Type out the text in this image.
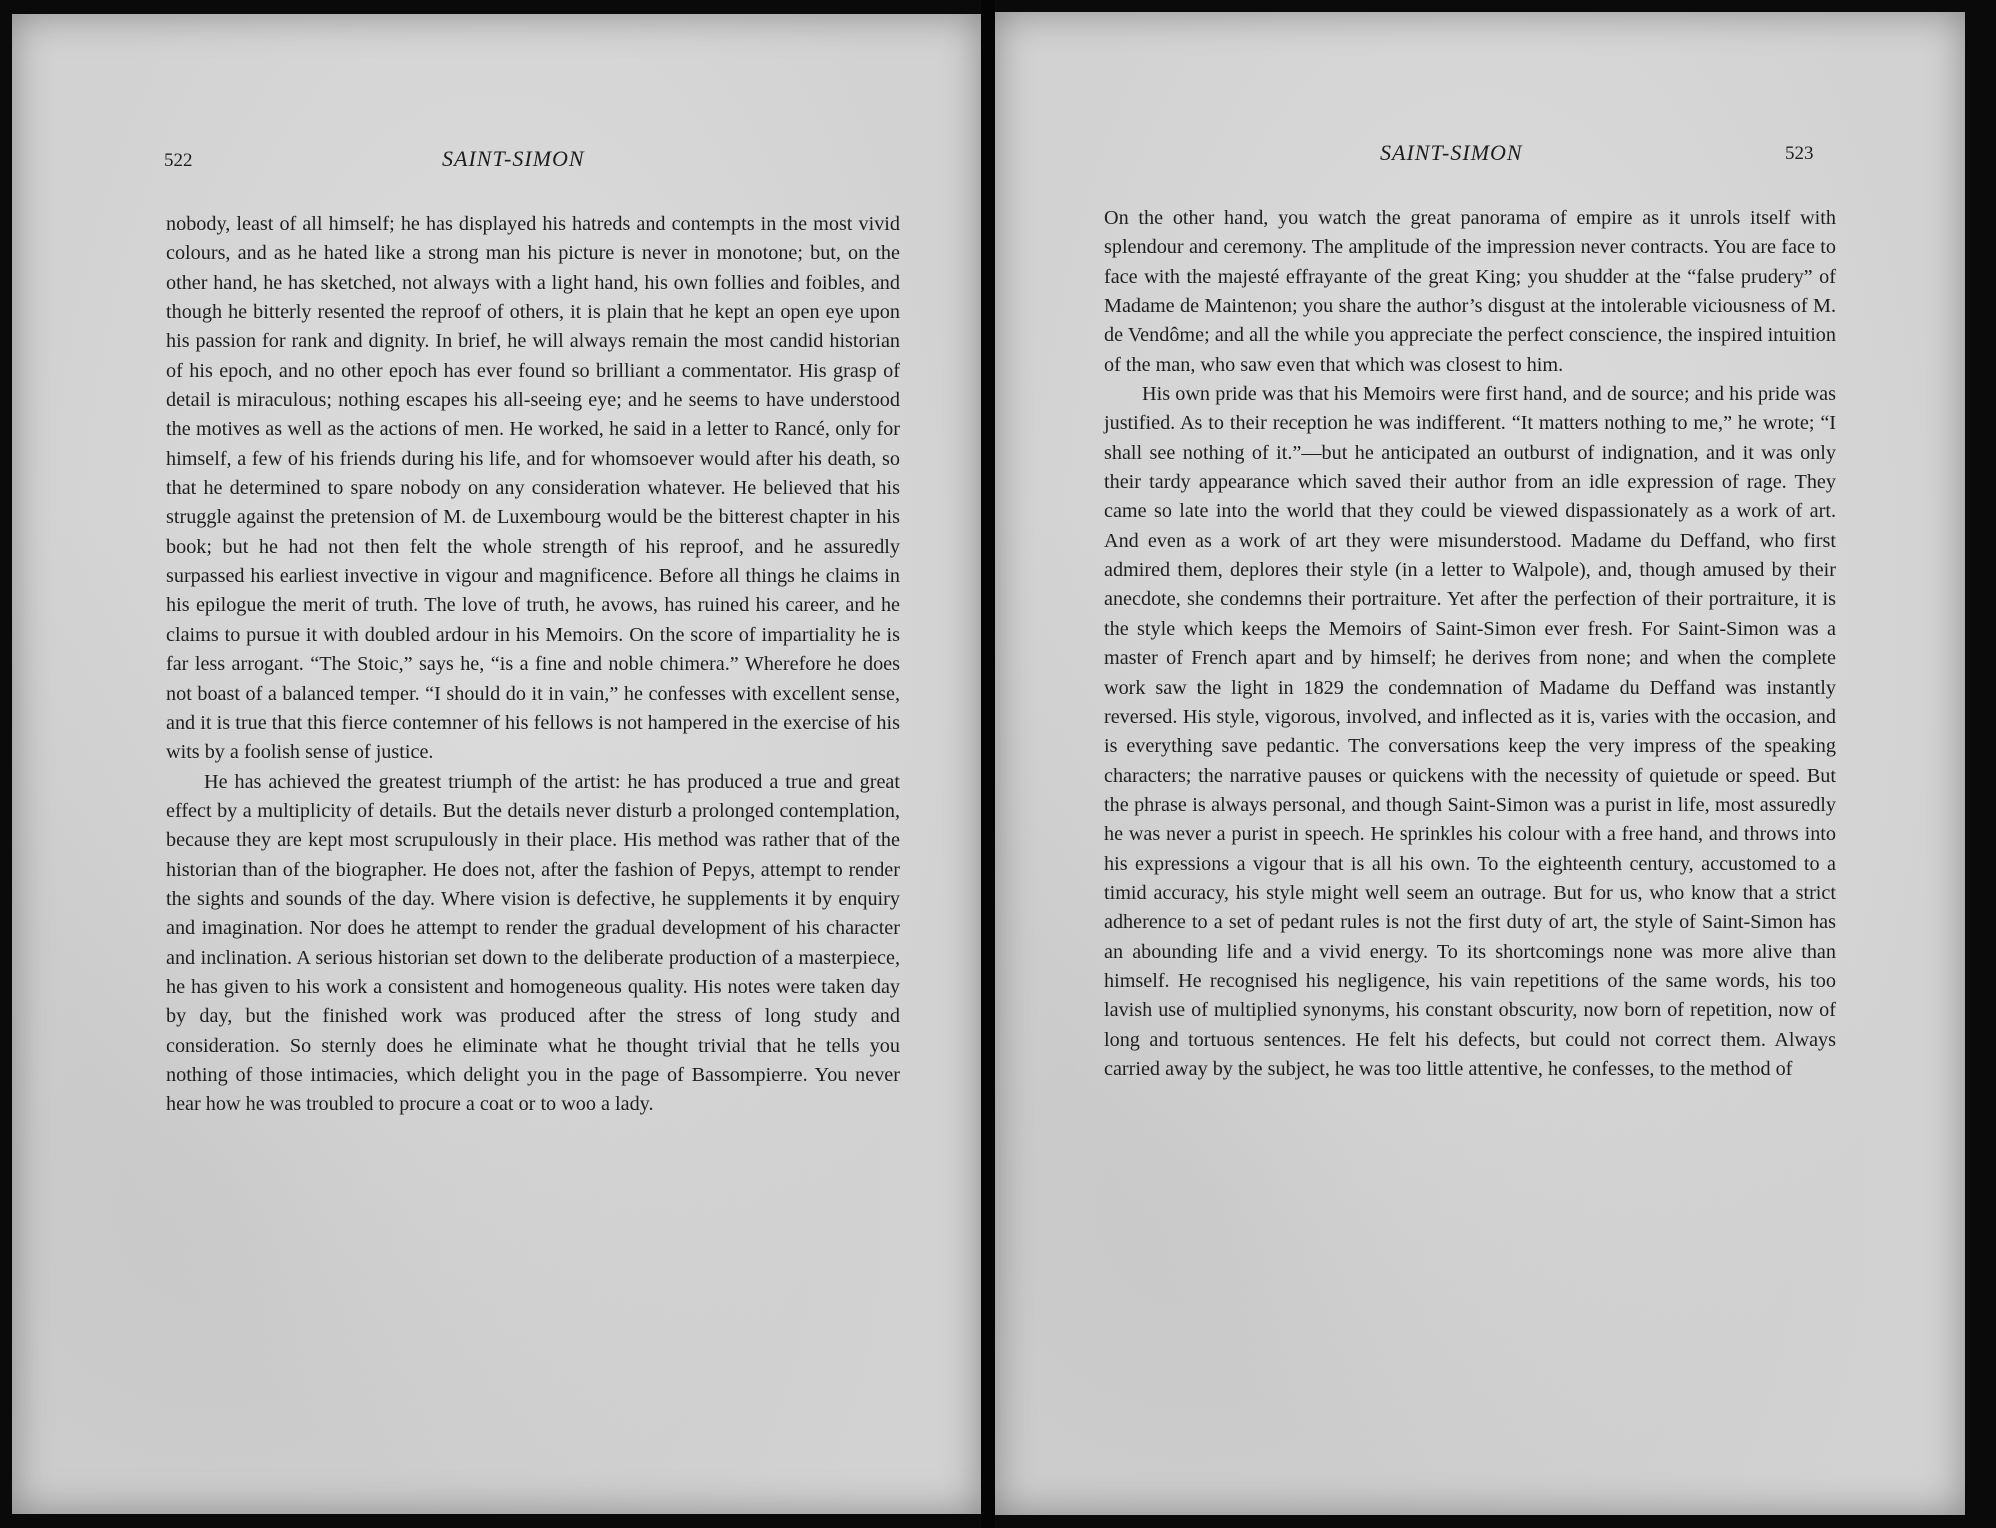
522	SAINT-SIMON

nobody, least of all himself; he has displayed his hatreds and contempts in the most vivid colours, and as he hated like a strong man his picture is never in monotone; but, on the other hand, he has sketched, not always with a light hand, his own follies and foibles, and though he bitterly resented the reproof of others, it is plain that he kept an open eye upon his passion for rank and dignity. In brief, he will always remain the most candid historian of his epoch, and no other epoch has ever found so brilliant a commentator. His grasp of detail is miraculous; nothing escapes his all-seeing eye; and he seems to have understood the motives as well as the actions of men. He worked, he said in a letter to Rancé, only for himself, a few of his friends during his life, and for whomsoever would after his death, so that he determined to spare nobody on any consideration whatever. He believed that his struggle against the pretension of M. de Luxembourg would be the bitterest chapter in his book; but he had not then felt the whole strength of his reproof, and he assuredly surpassed his earliest invective in vigour and magnificence. Before all things he claims in his epilogue the merit of truth. The love of truth, he avows, has ruined his career, and he claims to pursue it with doubled ardour in his Memoirs. On the score of impartiality he is far less arrogant. “The Stoic,” says he, “is a fine and noble chimera.” Wherefore he does not boast of a balanced temper. “I should do it in vain,” he confesses with excellent sense, and it is true that this fierce contemner of his fellows is not hampered in the exercise of his wits by a foolish sense of justice.

He has achieved the greatest triumph of the artist: he has produced a true and great effect by a multiplicity of details. But the details never disturb a prolonged contemplation, because they are kept most scrupulously in their place. His method was rather that of the historian than of the biographer. He does not, after the fashion of Pepys, attempt to render the sights and sounds of the day. Where vision is defective, he supplements it by enquiry and imagination. Nor does he attempt to render the gradual development of his character and inclination. A serious historian set down to the deliberate production of a masterpiece, he has given to his work a consistent and homogeneous quality. His notes were taken day by day, but the finished work was produced after the stress of long study and consideration. So sternly does he eliminate what he thought trivial that he tells you nothing of those intimacies, which delight you in the page of Bassompierre. You never hear how he was troubled to procure a coat or to woo a lady.

SAINT-SIMON	523

On the other hand, you watch the great panorama of empire as it unrols itself with splendour and ceremony. The amplitude of the impression never contracts. You are face to face with the majesté effrayante of the great King; you shudder at the “false prudery” of Madame de Maintenon; you share the author’s disgust at the intolerable viciousness of M. de Vendôme; and all the while you appreciate the perfect conscience, the inspired intuition of the man, who saw even that which was closest to him.

His own pride was that his Memoirs were first hand, and de source; and his pride was justified. As to their reception he was indifferent. “It matters nothing to me,” he wrote; “I shall see nothing of it.”—but he anticipated an outburst of indignation, and it was only their tardy appearance which saved their author from an idle expression of rage. They came so late into the world that they could be viewed dispassionately as a work of art. And even as a work of art they were misunderstood. Madame du Deffand, who first admired them, deplores their style (in a letter to Walpole), and, though amused by their anecdote, she condemns their portraiture. Yet after the perfection of their portraiture, it is the style which keeps the Memoirs of Saint-Simon ever fresh. For Saint-Simon was a master of French apart and by himself; he derives from none; and when the complete work saw the light in 1829 the condemnation of Madame du Deffand was instantly reversed. His style, vigorous, involved, and inflected as it is, varies with the occasion, and is everything save pedantic. The conversations keep the very impress of the speaking characters; the narrative pauses or quickens with the necessity of quietude or speed. But the phrase is always personal, and though Saint-Simon was a purist in life, most assuredly he was never a purist in speech. He sprinkles his colour with a free hand, and throws into his expressions a vigour that is all his own. To the eighteenth century, accustomed to a timid accuracy, his style might well seem an outrage. But for us, who know that a strict adherence to a set of pedant rules is not the first duty of art, the style of Saint-Simon has an abounding life and a vivid energy. To its shortcomings none was more alive than himself. He recognised his negligence, his vain repetitions of the same words, his too lavish use of multiplied synonyms, his constant obscurity, now born of repetition, now of long and tortuous sentences. He felt his defects, but could not correct them. Always carried away by the subject, he was too little attentive, he confesses, to the method of
